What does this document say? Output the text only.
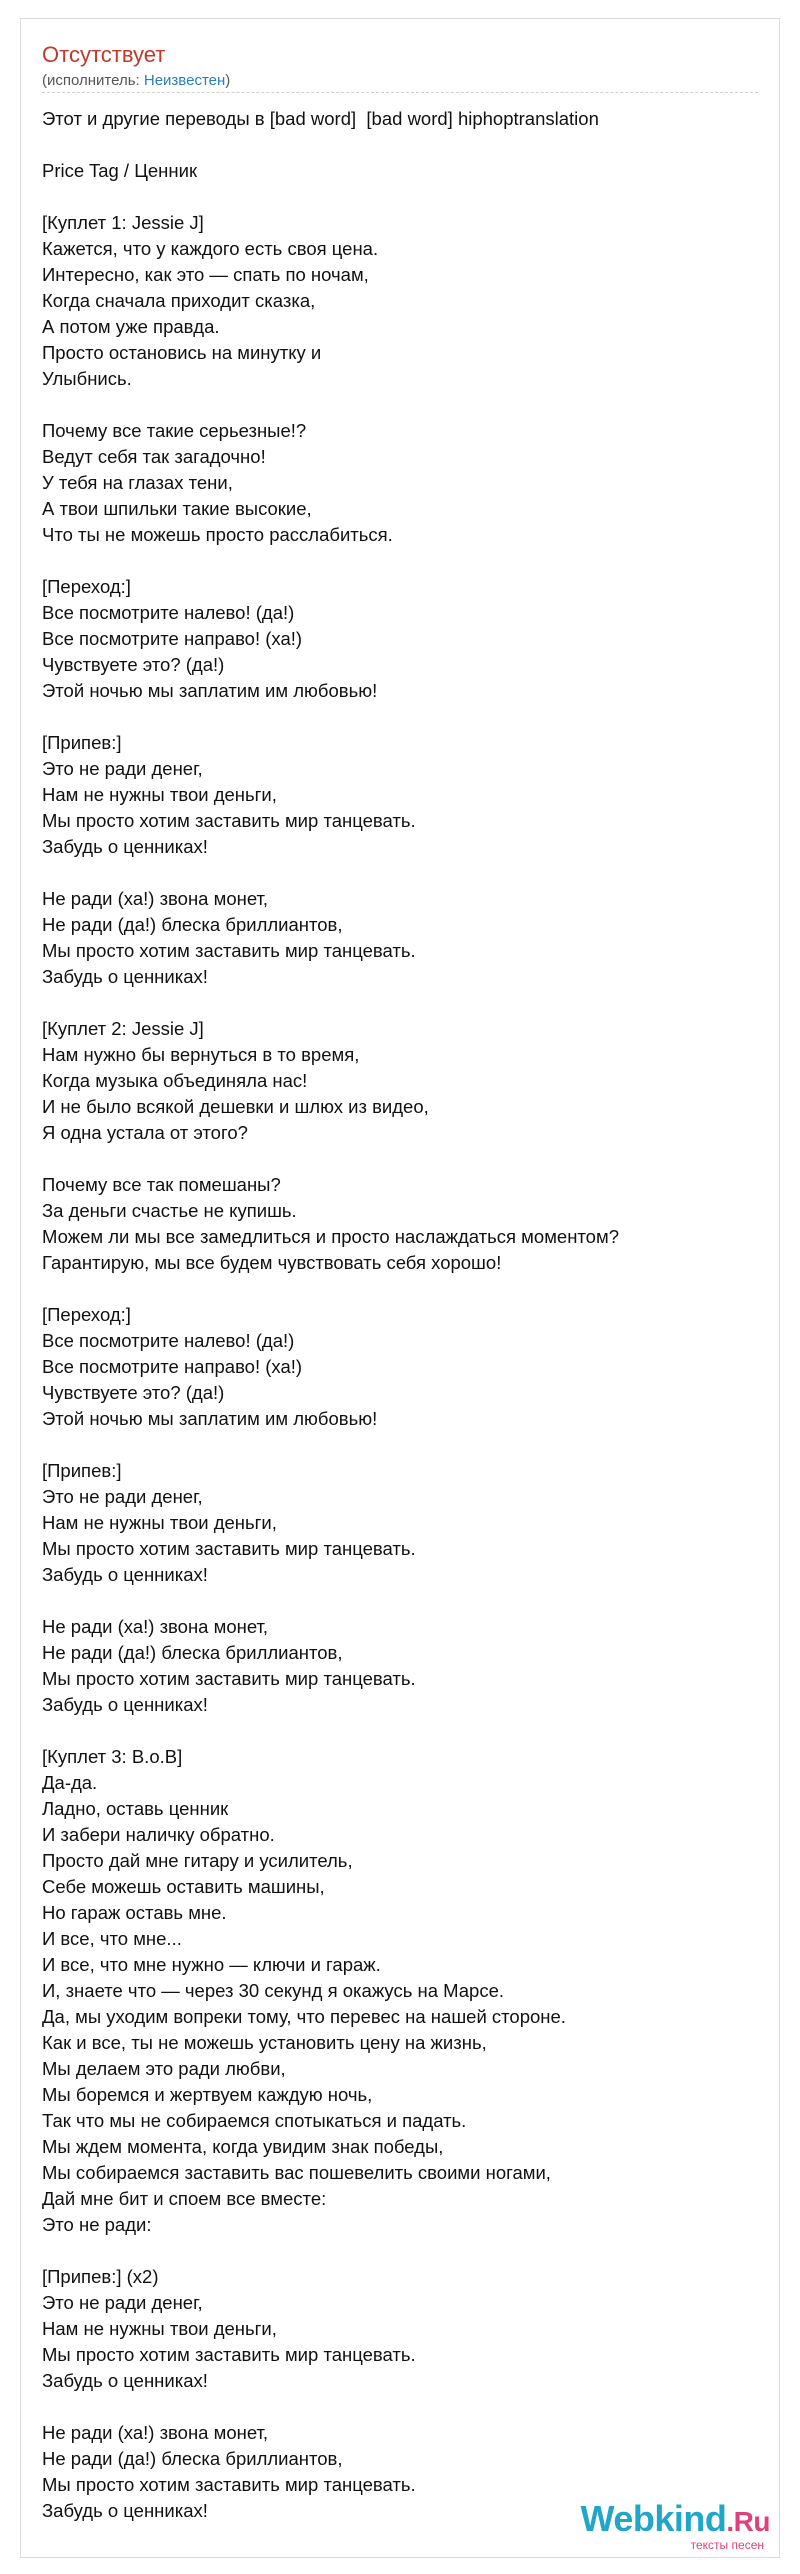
Отсутствует
(исполнитель: Неизвестен)
Этот и другие переводы в [bad word]  [bad word] hiphoptranslation

Price Tag / Ценник

[Куплет 1: Jessie J]
Кажется, что у каждого есть своя цена.
Интересно, как это — спать по ночам,
Когда сначала приходит сказка,
А потом уже правда.
Просто остановись на минутку и
Улыбнись.

Почему все такие серьезные!?
Ведут себя так загадочно!
У тебя на глазах тени,
А твои шпильки такие высокие,
Что ты не можешь просто расслабиться.

[Переход:]
Все посмотрите налево! (да!)
Все посмотрите направо! (ха!)
Чувствуете это? (да!)
Этой ночью мы заплатим им любовью!

[Припев:]
Это не ради денег,
Нам не нужны твои деньги,
Мы просто хотим заставить мир танцевать.
Забудь о ценниках!

Не ради (ха!) звона монет,
Не ради (да!) блеска бриллиантов,
Мы просто хотим заставить мир танцевать.
Забудь о ценниках!

[Куплет 2: Jessie J]
Нам нужно бы вернуться в то время,
Когда музыка объединяла нас!
И не было всякой дешевки и шлюх из видео,
Я одна устала от этого?

Почему все так помешаны?
За деньги счастье не купишь.
Можем ли мы все замедлиться и просто наслаждаться моментом?
Гарантирую, мы все будем чувствовать себя хорошо!

[Переход:]
Все посмотрите налево! (да!)
Все посмотрите направо! (ха!)
Чувствуете это? (да!)
Этой ночью мы заплатим им любовью!

[Припев:]
Это не ради денег,
Нам не нужны твои деньги,
Мы просто хотим заставить мир танцевать.
Забудь о ценниках!

Не ради (ха!) звона монет,
Не ради (да!) блеска бриллиантов,
Мы просто хотим заставить мир танцевать.
Забудь о ценниках!

[Куплет 3: B.o.B]
Да-да.
Ладно, оставь ценник
И забери наличку обратно.
Просто дай мне гитару и усилитель,
Себе можешь оставить машины,
Но гараж оставь мне.
И все, что мне...
И все, что мне нужно — ключи и гараж.
И, знаете что — через 30 секунд я окажусь на Марсе.
Да, мы уходим вопреки тому, что перевес на нашей стороне.
Как и все, ты не можешь установить цену на жизнь,
Мы делаем это ради любви,
Мы боремся и жертвуем каждую ночь,
Так что мы не собираемся спотыкаться и падать.
Мы ждем момента, когда увидим знак победы,
Мы собираемся заставить вас пошевелить своими ногами,
Дай мне бит и споем все вместе:
Это не ради:

[Припев:] (x2)
Это не ради денег,
Нам не нужны твои деньги,
Мы просто хотим заставить мир танцевать.
Забудь о ценниках!

Не ради (ха!) звона монет,
Не ради (да!) блеска бриллиантов,
Мы просто хотим заставить мир танцевать.
Забудь о ценниках!	Webkind.Ru
тексты песен
